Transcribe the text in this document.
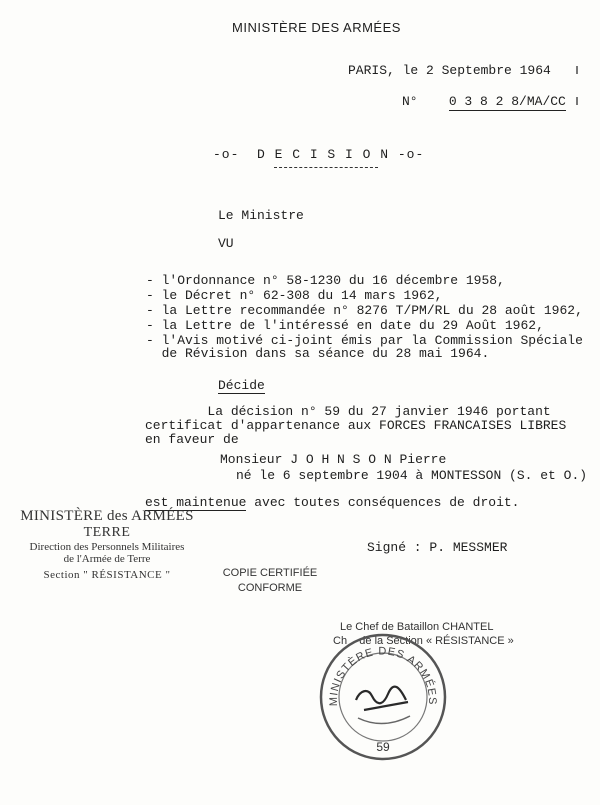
MINISTÈRE DES ARMÉES
PARIS, le 2 Septembre 1964
N° 0 3 8 2 8/MA/CC
-o- D E C I S I O N -o-
Le Ministre
VU
- l'Ordonnance n° 58-1230 du 16 décembre 1958,
- le Décret n° 62-308 du 14 mars 1962,
- la Lettre recommandée n° 8276 T/PM/RL du 28 août 1962,
- la Lettre de l'intéressé en date du 29 Août 1962,
- l'Avis motivé ci-joint émis par la Commission Spéciale
de Révision dans sa séance du 28 mai 1964.
Décide
La décision n° 59 du 27 janvier 1946 portant
certificat d'appartenance aux FORCES FRANCAISES LIBRES
en faveur de
Monsieur J O H N S O N Pierre
né le 6 septembre 1904 à MONTESSON (S. et O.)
est maintenue avec toutes conséquences de droit.
MINISTÈRE des ARMÉES
TERRE
Direction des Personnels Militaires
de l'Armée de Terre
Section " RÉSISTANCE "
Signé : P. MESSMER
COPIE CERTIFIÉE
CONFORME
Le Chef de Bataillon CHANTEL
Ch    de la Section « RÉSISTANCE »
MINISTÈRE DES ARMÉES
59
